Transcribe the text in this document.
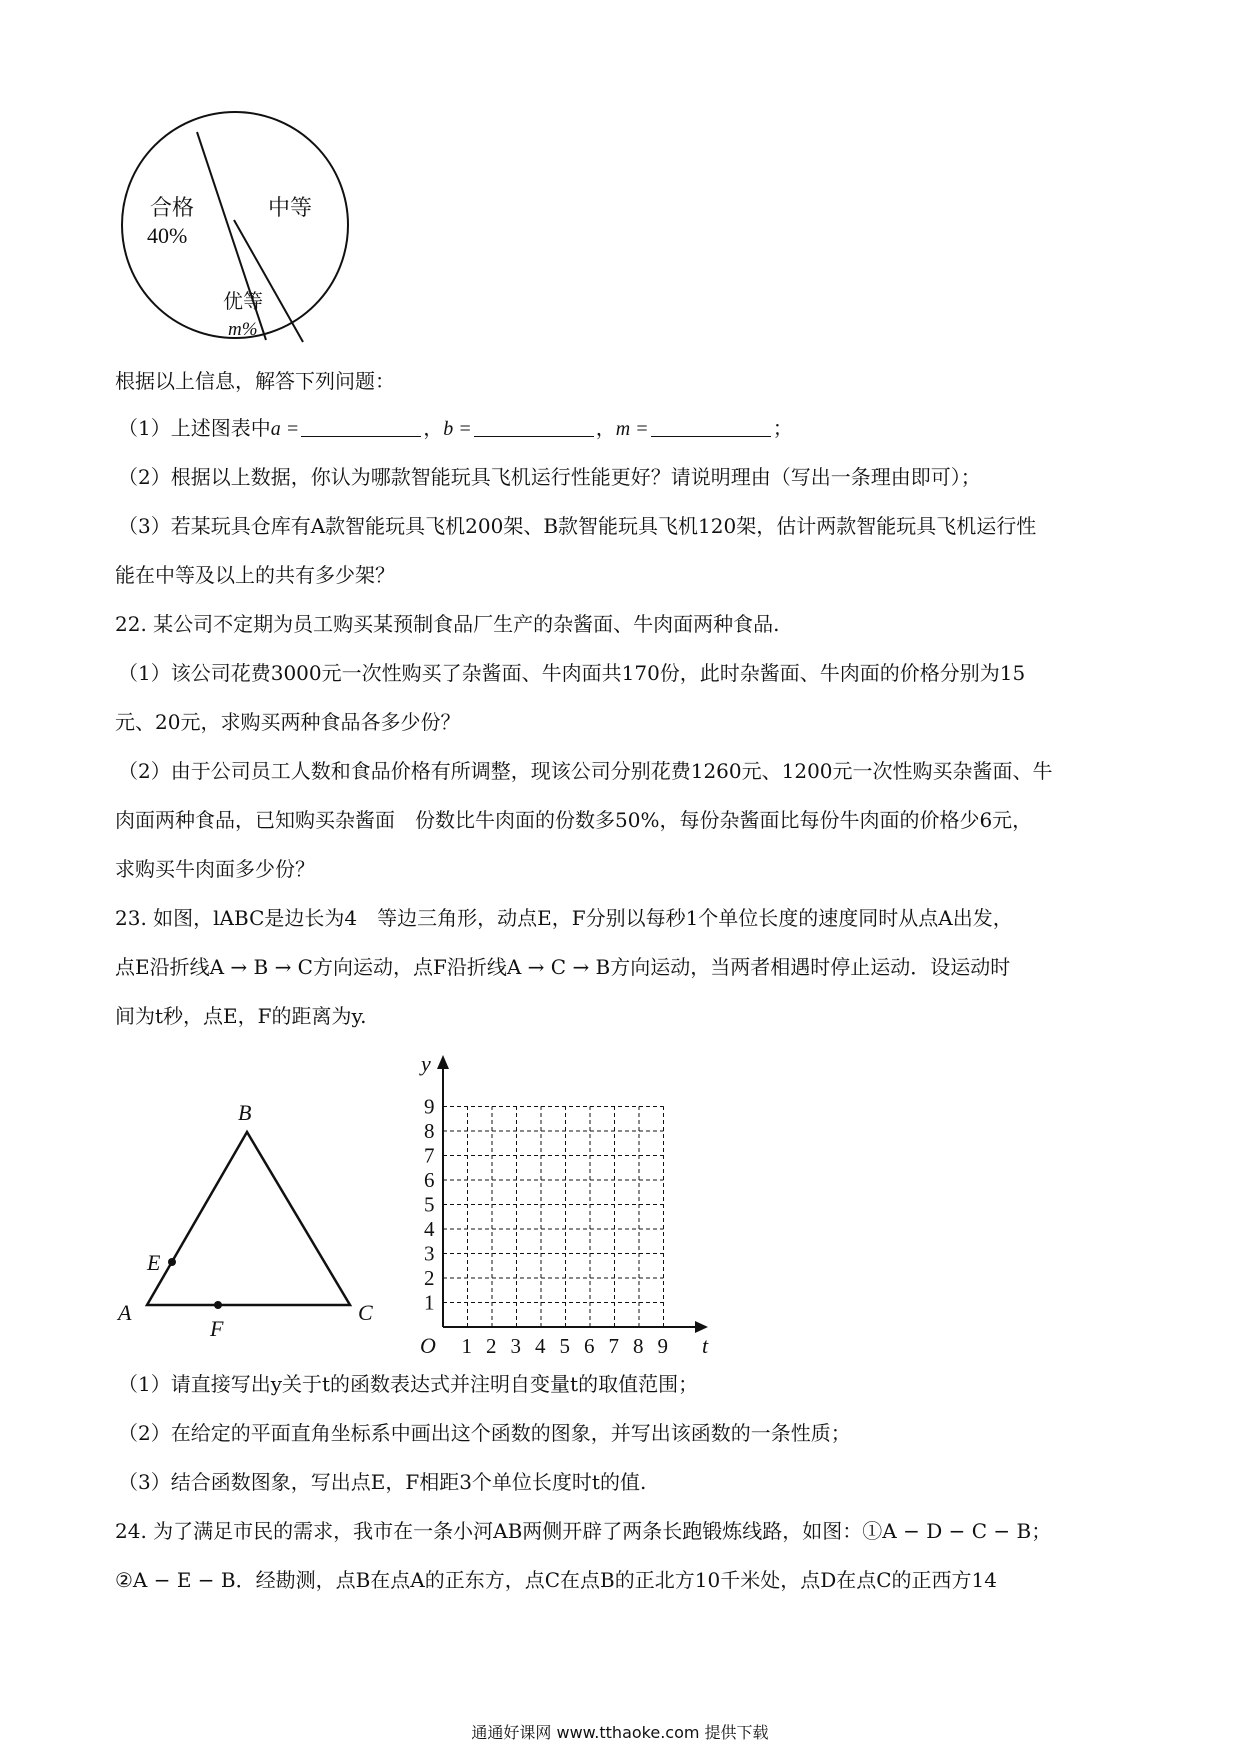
合格
40%
中等
优等
m%
根据以上信息，解答下列问题：
（1）上述图表中a =	，b =	，m =	；
（2）根据以上数据，你认为哪款智能玩具飞机运行性能更好？请说明理由（写出一条理由即可）；
（3）若某玩具仓库有A款智能玩具飞机200架、B款智能玩具飞机120架，估计两款智能玩具飞机运行性
能在中等及以上的共有多少架？
22. 某公司不定期为员工购买某预制食品厂生产的杂酱面、牛肉面两种食品.
（1）该公司花费3000元一次性购买了杂酱面、牛肉面共170份，此时杂酱面、牛肉面的价格分别为15
元、20元，求购买两种食品各多少份？
（2）由于公司员工人数和食品价格有所调整，现该公司分别花费1260元、1200元一次性购买杂酱面、牛
肉面两种食品，已知购买杂酱面　份数比牛肉面的份数多50%，每份杂酱面比每份牛肉面的价格少6元，
求购买牛肉面多少份？
23. 如图，lABC是边长为4　等边三角形，动点E，F分别以每秒1个单位长度的速度同时从点A出发，
点E沿折线A → B → C方向运动，点F沿折线A → C → B方向运动，当两者相遇时停止运动．设运动时
间为t秒，点E，F的距离为y.
B
A	C
E
F
y
t
O 1 2 3 4 5 6 7 8 9
1
2
3
4
5
6
7
8
9
（1）请直接写出y关于t的函数表达式并注明自变量t的取值范围；
（2）在给定的平面直角坐标系中画出这个函数的图象，并写出该函数的一条性质；
（3）结合函数图象，写出点E，F相距3个单位长度时t的值.
24. 为了满足市民的需求，我市在一条小河AB两侧开辟了两条长跑锻炼线路，如图：①A − D − C − B；
②A − E − B．经勘测，点B在点A的正东方，点C在点B的正北方10千米处，点D在点C的正西方14
通通好课网 www.tthaoke.com 提供下载
